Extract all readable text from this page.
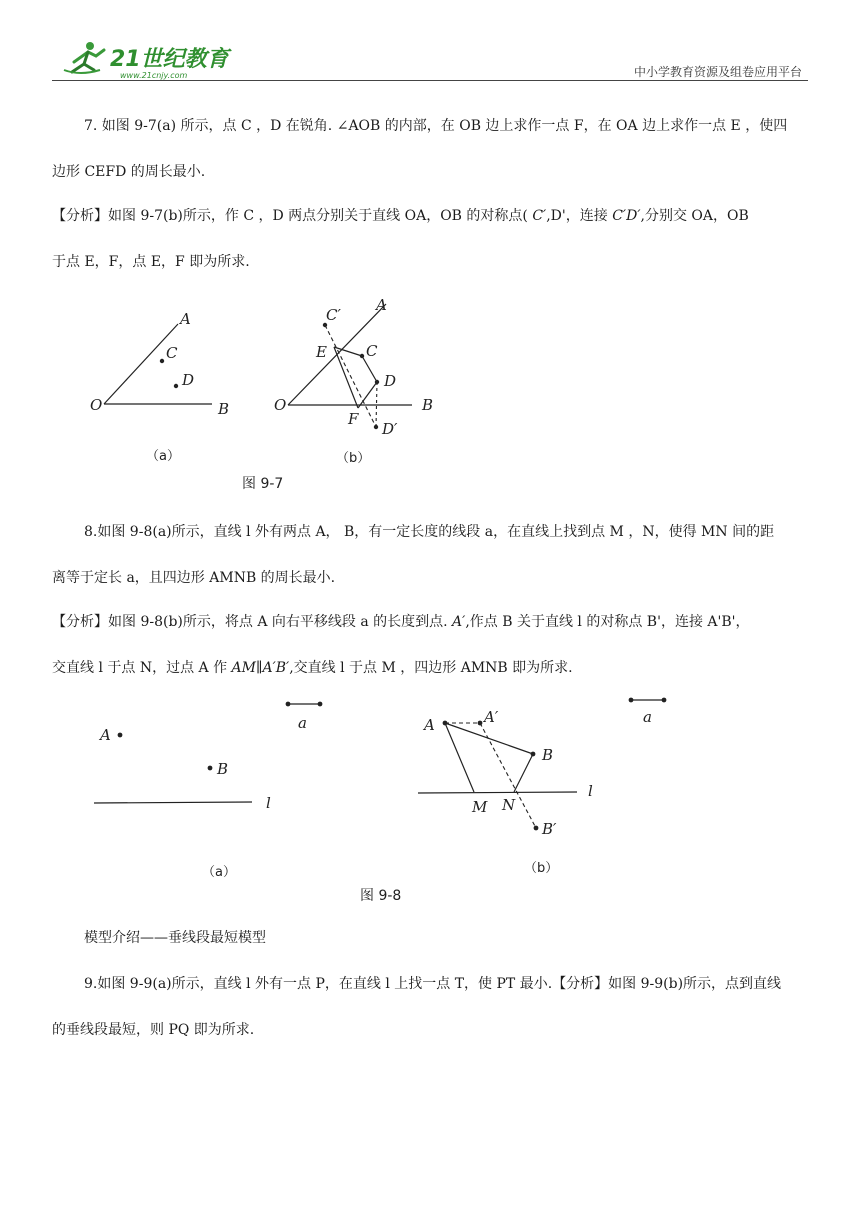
21世纪教育
www.21cnjy.com	中小学教育资源及组卷应用平台
7. 如图 9-7(a) 所示，点 C ，D 在锐角. ∠AOB 的内部，在 OB 边上求作一点 F，在 OA 边上求作一点 E ，使四
边形 CEFD 的周长最小.
【分析】如图 9-7(b)所示，作 C ，D 两点分别关于直线 OA，OB 的对称点( C′,D'，连接 C′D′,分别交 OA，OB
于点 E，F，点 E，F 即为所求.
A
C
D
O	B
A
C′
E	C
D
O	B
F
D′
（a）	（b）
图 9-7
8.如图 9-8(a)所示，直线 l 外有两点 A， B，有一定长度的线段 a，在直线上找到点 M ，N，使得 MN 间的距
离等于定长 a，且四边形 AMNB 的周长最小.
【分析】如图 9-8(b)所示，将点 A 向右平移线段 a 的长度到点. A′,作点 B 关于直线 l 的对称点 B'，连接 A'B'，
交直线 l 于点 N，过点 A 作 AM∥A′B′,交直线 l 于点 M ，四边形 AMNB 即为所求.
A
B
a
l
A	A′
B
M N
B′
l
a
（a）	（b）
图 9-8
模型介绍——垂线段最短模型
9.如图 9-9(a)所示，直线 l 外有一点 P，在直线 l 上找一点 T，使 PT 最小.【分析】如图 9-9(b)所示，点到直线
的垂线段最短，则 PQ 即为所求.
